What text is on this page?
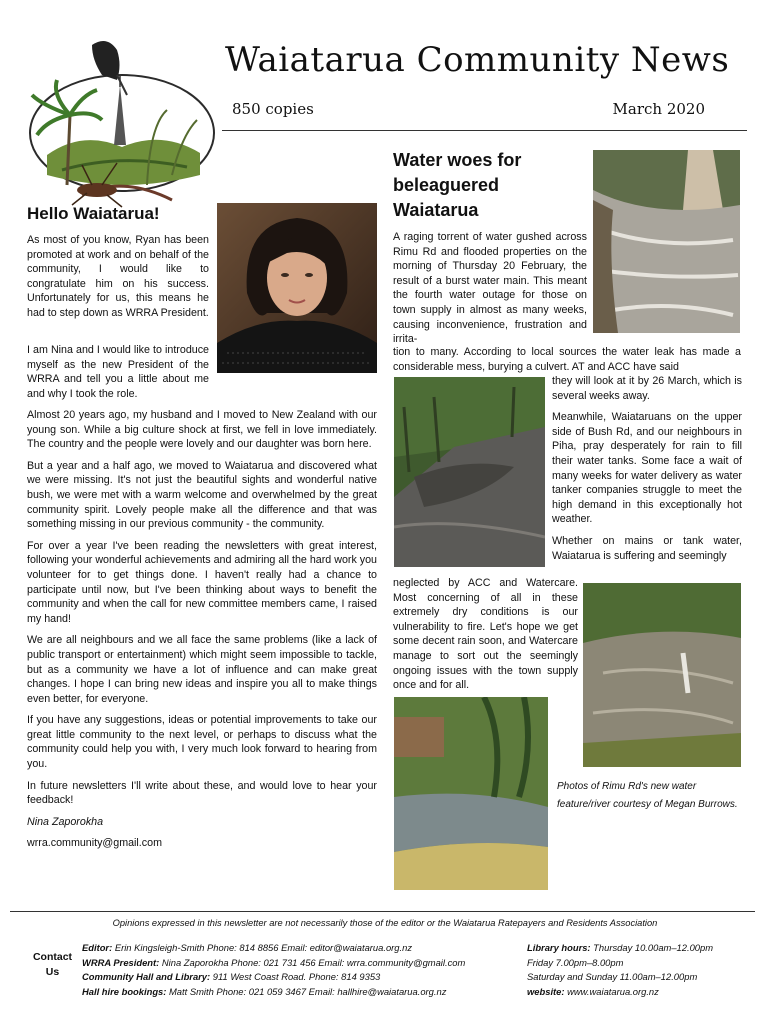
Waiatarua Community News
850 copies	March 2020
Hello Waiatarua!

As most of you know, Ryan has been promoted at work and on behalf of the community, I would like to congratulate him on his success. Unfortunately for us, this means he had to step down as WRRA President.

I am Nina and I would like to introduce myself as the new President of the WRRA and tell you a little about me and why I took the role.

Almost 20 years ago, my husband and I moved to New Zealand with our young son. While a big culture shock at first, we fell in love immediately. The country and the people were lovely and our daughter was born here.

But a year and a half ago, we moved to Waiatarua and discovered what we were missing. It's not just the beautiful sights and wonderful native bush, we were met with a warm welcome and overwhelmed by the great community spirit. Lovely people make all the difference and that was something missing in our previous community - the community.

For over a year I've been reading the newsletters with great interest, following your wonderful achievements and admiring all the hard work you volunteer for to get things done. I haven't really had a chance to participate until now, but I've been thinking about ways to benefit the community and when the call for new committee members came, I raised my hand!

We are all neighbours and we all face the same problems (like a lack of public transport or entertainment) which might seem impossible to tackle, but as a community we have a lot of influence and can make great changes. I hope I can bring new ideas and inspire you all to make things even better, for everyone.

If you have any suggestions, ideas or potential improvements to take our great little community to the next level, or perhaps to discuss what the community could help you with, I very much look forward to hearing from you.

In future newsletters I'll write about these, and would love to hear your feedback!

Nina Zaporokha

wrra.community@gmail.com

Water woes for beleaguered Waiatarua

A raging torrent of water gushed across Rimu Rd and flooded properties on the morning of Thursday 20 February, the result of a burst water main. This meant the fourth water outage for those on town supply in almost as many weeks, causing inconvenience, frustration and irrita-

tion to many. According to local sources the water leak has made a considerable mess, burying a culvert. AT and ACC have said

they will look at it by 26 March, which is several weeks away.

Meanwhile, Waiataruans on the upper side of Bush Rd, and our neighbours in Piha, pray desperately for rain to fill their water tanks. Some face a wait of many weeks for water delivery as water tanker companies struggle to meet the high demand in this exceptionally hot weather.

Whether on mains or tank water, Waiatarua is suffering and seemingly

neglected by ACC and Watercare. Most concerning of all in these extremely dry conditions is our vulnerability to fire. Let's hope we get some decent rain soon, and Watercare manage to sort out the seemingly ongoing issues with the town supply once and for all.

Photos of Rimu Rd's new water feature/river courtesy of Megan Burrows.
Opinions expressed in this newsletter are not necessarily those of the editor or the Waiatarua Ratepayers and Residents Association
Contact Us
Editor: Erin Kingsleigh-Smith Phone: 814 8856 Email: editor@waiatarua.org.nz
WRRA President: Nina Zaporokha Phone: 021 731 456 Email: wrra.community@gmail.com
Community Hall and Library: 911 West Coast Road. Phone: 814 9353
Hall hire bookings: Matt Smith Phone: 021 059 3467 Email: hallhire@waiatarua.org.nz
Library hours: Thursday 10.00am–12.00pm
Friday 7.00pm–8.00pm
Saturday and Sunday 11.00am–12.00pm
website: www.waiatarua.org.nz
